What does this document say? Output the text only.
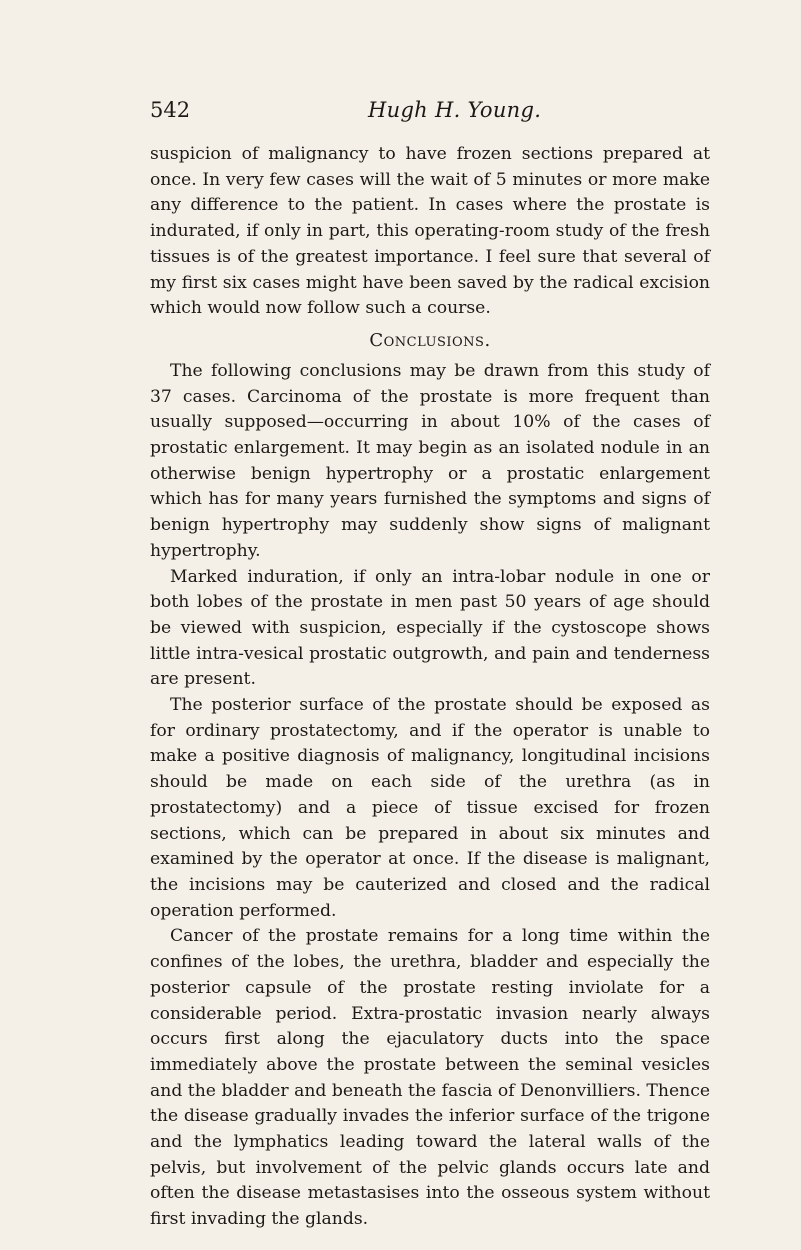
542	Hugh H. Young.

suspicion of malignancy to have frozen sections prepared at once. In very few cases will the wait of 5 minutes or more make any difference to the patient. In cases where the prostate is indurated, if only in part, this operating-room study of the fresh tissues is of the greatest importance. I feel sure that several of my first six cases might have been saved by the radical excision which would now follow such a course.

Conclusions.

The following conclusions may be drawn from this study of 37 cases. Carcinoma of the prostate is more frequent than usually supposed—occurring in about 10% of the cases of prostatic enlargement. It may begin as an isolated nodule in an otherwise benign hypertrophy or a prostatic enlargement which has for many years furnished the symptoms and signs of benign hypertrophy may suddenly show signs of malignant hypertrophy.

Marked induration, if only an intra-lobar nodule in one or both lobes of the prostate in men past 50 years of age should be viewed with suspicion, especially if the cystoscope shows little intra-vesical prostatic outgrowth, and pain and tenderness are present.

The posterior surface of the prostate should be exposed as for ordinary prostatectomy, and if the operator is unable to make a positive diagnosis of malignancy, longitudinal incisions should be made on each side of the urethra (as in prostatectomy) and a piece of tissue excised for frozen sections, which can be prepared in about six minutes and examined by the operator at once. If the disease is malignant, the incisions may be cauterized and closed and the radical operation performed.

Cancer of the prostate remains for a long time within the confines of the lobes, the urethra, bladder and especially the posterior capsule of the prostate resting inviolate for a considerable period. Extra-prostatic invasion nearly always occurs first along the ejaculatory ducts into the space immediately above the prostate between the seminal vesicles and the bladder and beneath the fascia of Denonvilliers. Thence the disease gradually invades the inferior surface of the trigone and the lymphatics leading toward the lateral walls of the pelvis, but involvement of the pelvic glands occurs late and often the disease metastasises into the osseous system without first invading the glands.
